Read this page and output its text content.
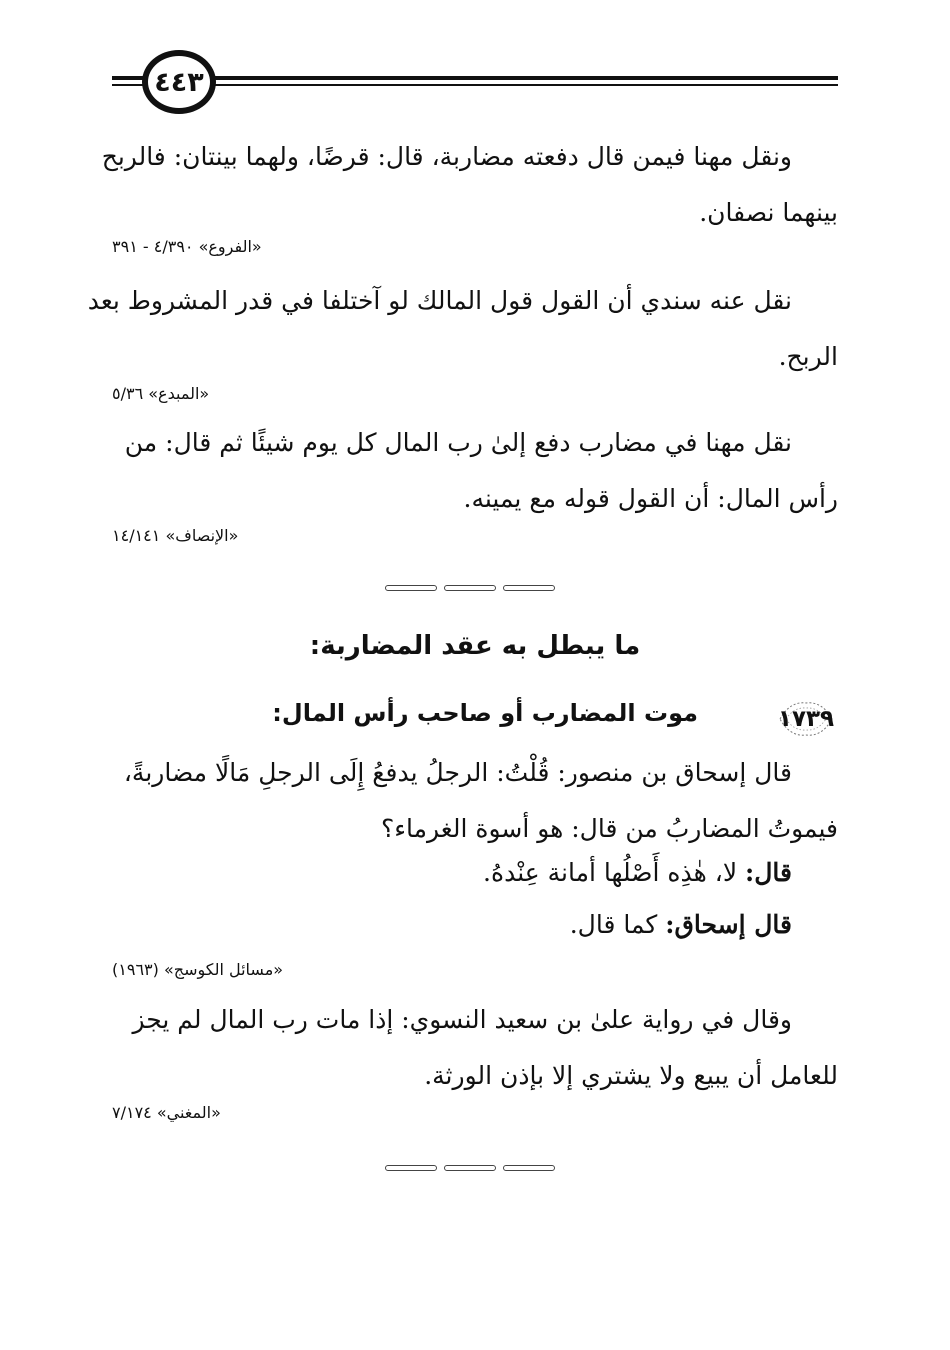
٤٤٣
ونقل مهنا فيمن قال دفعته مضاربة، قال: قرضًا، ولهما بينتان: فالربح
بينهما نصفان.
«الفروع» ٤/٣٩٠ - ٣٩١
نقل عنه سندي أن القول قول المالك لو آختلفا في قدر المشروط بعد
الربح.
«المبدع» ٥/٣٦
نقل مهنا في مضارب دفع إلىٰ رب المال كل يوم شيئًا ثم قال: من
رأس المال: أن القول قوله مع يمينه.
«الإنصاف» ١٤/١٤١
ما يبطل به عقد المضاربة:
١٧٣٩
موت المضارب أو صاحب رأس المال:
قال إسحاق بن منصور: قُلْتُ: الرجلُ يدفعُ إِلَى الرجلِ مَالًا مضاربةً،
فيموتُ المضاربُ من قال: هو أسوة الغرماء؟
قال: لا، هٰذِه أَصْلُها أمانة عِنْدهُ.
قال إسحاق: كما قال.
«مسائل الكوسج» (١٩٦٣)
وقال في رواية علىٰ بن سعيد النسوي: إذا مات رب المال لم يجز
للعامل أن يبيع ولا يشتري إلا بإذن الورثة.
«المغني» ٧/١٧٤
